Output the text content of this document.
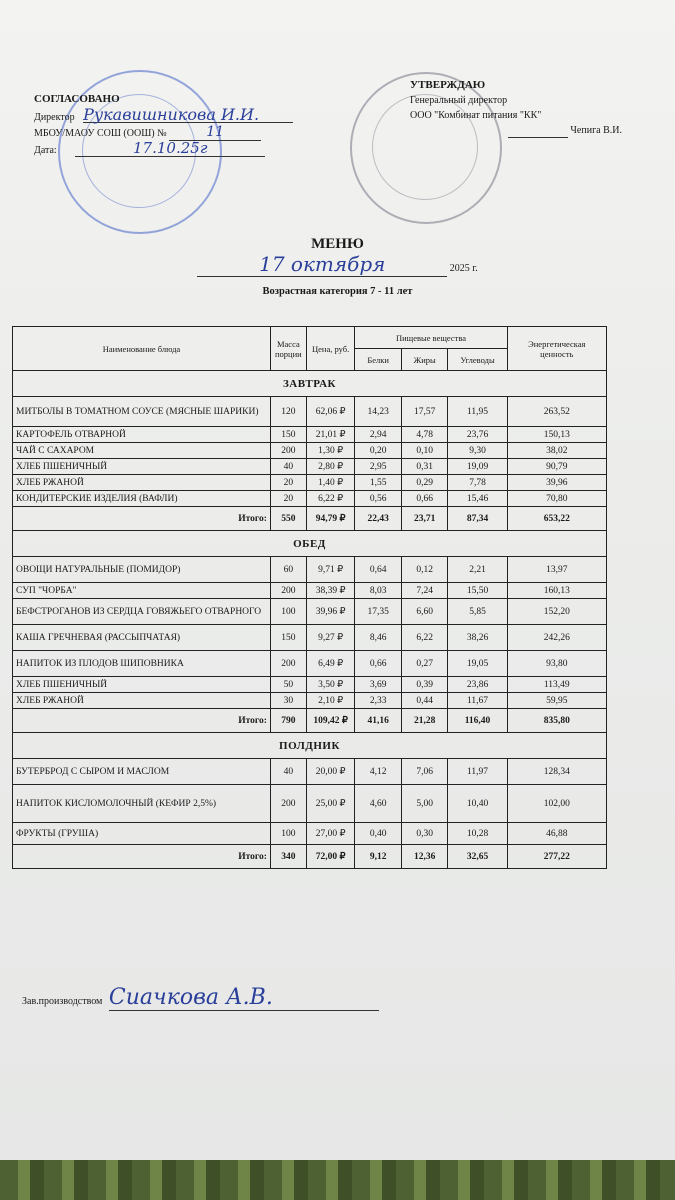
СОГЛАСОВАНО
Директор Рукавишникова И.И.
МБОУ/МАОУ СОШ (ООШ) №	11
Дата:	17.10.25г
УТВЕРЖДАЮ
Генеральный директор
ООО "Комбинат питания "КК"
Чепига В.И.
МЕНЮ
17 октября	2025 г.
Возрастная категория 7 - 11 лет
Наименование блюда	Масса порции	Цена, руб.	Пищевые вещества			Энергетическая ценность
			Белки	Жиры	Углеводы	
ЗАВТРАК						
МИТБОЛЫ В ТОМАТНОМ СОУСЕ (МЯСНЫЕ ШАРИКИ)	120	62,06 ₽	14,23	17,57	11,95	263,52
КАРТОФЕЛЬ ОТВАРНОЙ	150	21,01 ₽	2,94	4,78	23,76	150,13
ЧАЙ С САХАРОМ	200	1,30 ₽	0,20	0,10	9,30	38,02
ХЛЕБ ПШЕНИЧНЫЙ	40	2,80 ₽	2,95	0,31	19,09	90,79
ХЛЕБ РЖАНОЙ	20	1,40 ₽	1,55	0,29	7,78	39,96
КОНДИТЕРСКИЕ ИЗДЕЛИЯ (ВАФЛИ)	20	6,22 ₽	0,56	0,66	15,46	70,80
Итого:	550	94,79 ₽	22,43	23,71	87,34	653,22
ОБЕД						
ОВОЩИ НАТУРАЛЬНЫЕ (ПОМИДОР)	60	9,71 ₽	0,64	0,12	2,21	13,97
СУП "ЧОРБА"	200	38,39 ₽	8,03	7,24	15,50	160,13
БЕФСТРОГАНОВ ИЗ СЕРДЦА ГОВЯЖЬЕГО ОТВАРНОГО	100	39,96 ₽	17,35	6,60	5,85	152,20
КАША ГРЕЧНЕВАЯ (РАССЫПЧАТАЯ)	150	9,27 ₽	8,46	6,22	38,26	242,26
НАПИТОК ИЗ ПЛОДОВ ШИПОВНИКА	200	6,49 ₽	0,66	0,27	19,05	93,80
ХЛЕБ ПШЕНИЧНЫЙ	50	3,50 ₽	3,69	0,39	23,86	113,49
ХЛЕБ РЖАНОЙ	30	2,10 ₽	2,33	0,44	11,67	59,95
Итого:	790	109,42 ₽	41,16	21,28	116,40	835,80
ПОЛДНИК						
БУТЕРБРОД С СЫРОМ И МАСЛОМ	40	20,00 ₽	4,12	7,06	11,97	128,34
НАПИТОК КИСЛОМОЛОЧНЫЙ (КЕФИР 2,5%)	200	25,00 ₽	4,60	5,00	10,40	102,00
ФРУКТЫ (ГРУША)	100	27,00 ₽	0,40	0,30	10,28	46,88
Итого:	340	72,00 ₽	9,12	12,36	32,65	277,22
Зав.производством Сиачкова А.В.
